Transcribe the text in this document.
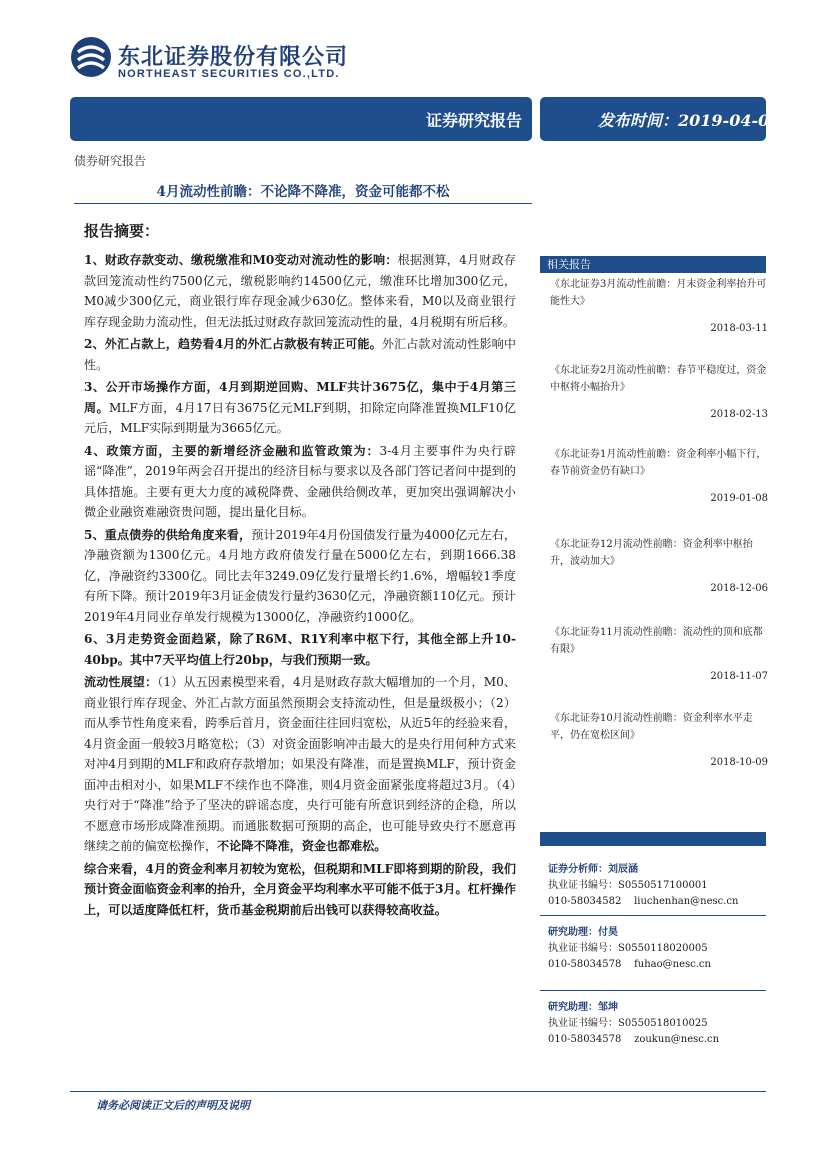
东北证券股份有限公司
NORTHEAST SECURITIES CO.,LTD.
证券研究报告	发布时间：2019-04-05
债券研究报告
4月流动性前瞻：不论降不降准，资金可能都不松
报告摘要：

1、财政存款变动、缴税缴准和M0变动对流动性的影响：根据测算，4月财政存款回笼流动性约7500亿元，缴税影响约14500亿元，缴准环比增加300亿元，M0减少300亿元，商业银行库存现金减少630亿。整体来看，M0以及商业银行库存现金助力流动性，但无法抵过财政存款回笼流动性的量，4月税期有所后移。

2、外汇占款上，趋势看4月的外汇占款极有转正可能。外汇占款对流动性影响中性。

3、公开市场操作方面，4月到期逆回购、MLF共计3675亿，集中于4月第三周。MLF方面，4月17日有3675亿元MLF到期，扣除定向降准置换MLF10亿元后，MLF实际到期量为3665亿元。

4、政策方面，主要的新增经济金融和监管政策为：3-4月主要事件为央行辟谣“降准”，2019年两会召开提出的经济目标与要求以及各部门答记者问中提到的具体措施。主要有更大力度的减税降费、金融供给侧改革，更加突出强调解决小微企业融资难融资贵问题，提出量化目标。

5、重点债券的供给角度来看，预计2019年4月份国债发行量为4000亿元左右，净融资额为1300亿元。4月地方政府债发行量在5000亿左右，到期1666.38亿，净融资约3300亿。同比去年3249.09亿发行量增长约1.6%，增幅较1季度有所下降。预计2019年3月证金债发行量约3630亿元，净融资额110亿元。预计2019年4月同业存单发行规模为13000亿，净融资约1000亿。

6、3月走势资金面趋紧，除了R6M、R1Y利率中枢下行，其他全部上升10-40bp。其中7天平均值上行20bp，与我们预期一致。

流动性展望：（1）从五因素模型来看，4月是财政存款大幅增加的一个月，M0、商业银行库存现金、外汇占款方面虽然预期会支持流动性，但是量级极小；（2）而从季节性角度来看，跨季后首月，资金面往往回归宽松，从近5年的经验来看，4月资金面一般较3月略宽松；（3）对资金面影响冲击最大的是央行用何种方式来对冲4月到期的MLF和政府存款增加；如果没有降准，而是置换MLF，预计资金面冲击相对小，如果MLF不续作也不降准，则4月资金面紧张度将超过3月。（4）央行对于“降准”给予了坚决的辟谣态度，央行可能有所意识到经济的企稳，所以不愿意市场形成降准预期。而通胀数据可预期的高企，也可能导致央行不愿意再继续之前的偏宽松操作，不论降不降准，资金也都难松。

综合来看，4月的资金利率月初较为宽松，但税期和MLF即将到期的阶段，我们预计资金面临资金利率的抬升，全月资金平均利率水平可能不低于3月。杠杆操作上，可以适度降低杠杆，货币基金税期前后出钱可以获得较高收益。

相关报告
《东北证券3月流动性前瞻：月末资金利率抬升可能性大》
2018-03-11
《东北证券2月流动性前瞻：春节平稳度过，资金中枢将小幅抬升》
2018-02-13
《东北证券1月流动性前瞻：资金利率小幅下行，春节前资金仍有缺口》
2019-01-08
《东北证券12月流动性前瞻：资金利率中枢抬升，波动加大》
2018-12-06
《东北证券11月流动性前瞻：流动性的顶和底都有限》
2018-11-07
《东北证券10月流动性前瞻：资金利率水平走平，仍在宽松区间》
2018-10-09
证券分析师：刘辰涵
执业证书编号：S0550517100001
010-58034582    liuchenhan@nesc.cn
研究助理：付昊
执业证书编号：S0550118020005
010-58034578    fuhao@nesc.cn
研究助理：邹坤
执业证书编号：S0550518010025
010-58034578    zoukun@nesc.cn
请务必阅读正文后的声明及说明
